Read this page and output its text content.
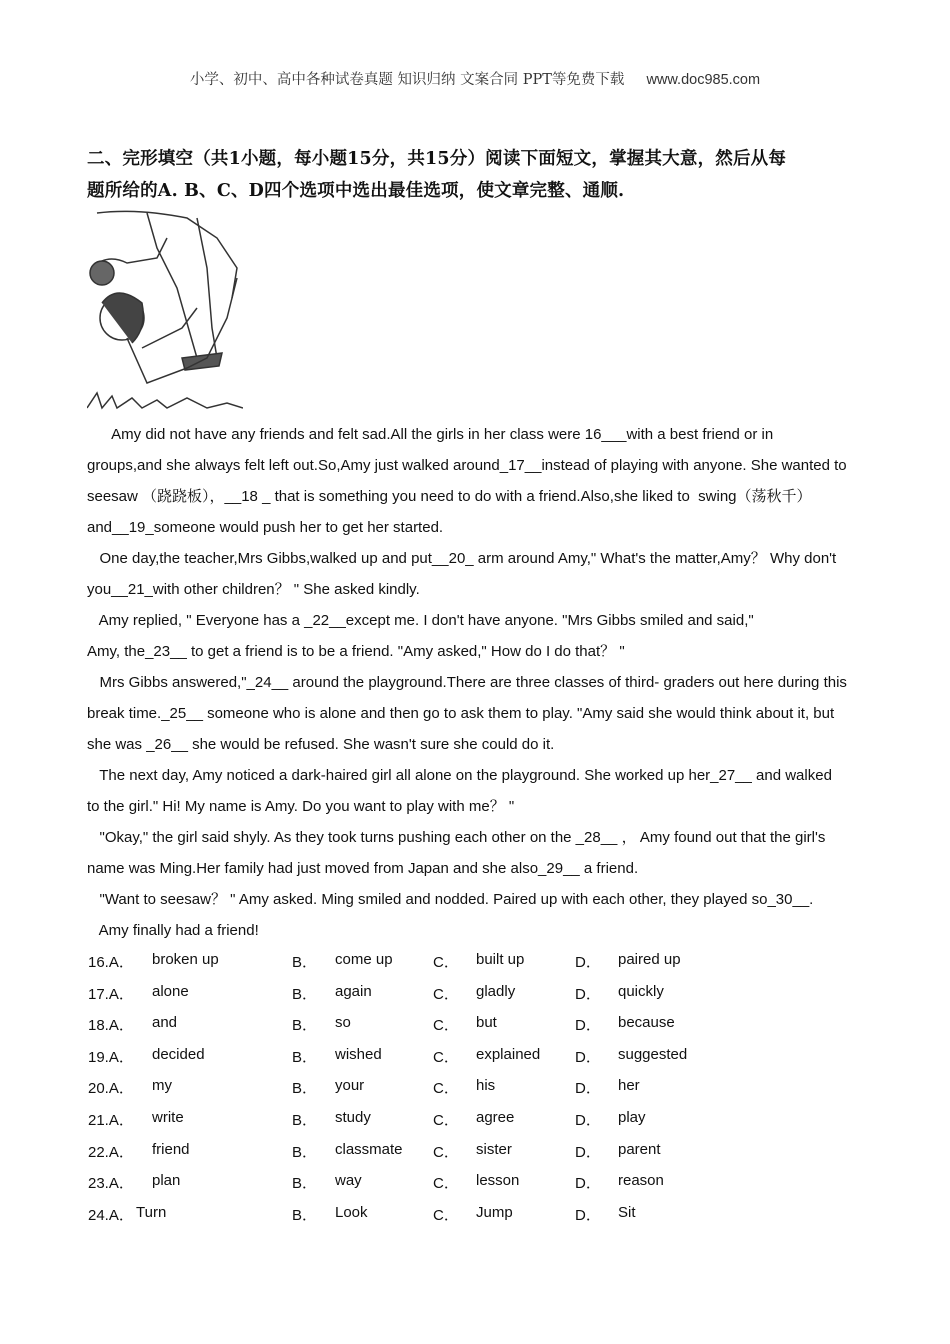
小学、初中、高中各种试卷真题 知识归纳 文案合同 PPT等免费下载 www.doc985.com
二、完形填空（共1小题，每小题15分，共15分）阅读下面短文，掌握其大意，然后从每
题所给的A. B、C、D四个选项中选出最佳选项，使文章完整、通顺.
Amy did not have any friends and felt sad.All the girls in her class were 16___with a best friend or in
groups,and she always felt left out.So,Amy just walked around_17__instead of playing with anyone. She wanted to
seesaw （跷跷板），__18 _ that is something you need to do with a friend.Also,she liked to  swing（荡秋千）
and__19_someone would push her to get her started.
One day,the teacher,Mrs Gibbs,walked up and put__20_ arm around Amy," What's the matter,Amy？ Why don't
you__21_with other children？ " She asked kindly.
Amy replied, " Everyone has a _22__except me. I don't have anyone. "Mrs Gibbs smiled and said,"
Amy, the_23__ to get a friend is to be a friend. "Amy asked," How do I do that？ "
Mrs Gibbs answered,"_24__ around the playground.There are three classes of third- graders out here during this
break time._25__ someone who is alone and then go to ask them to play. "Amy said she would think about it, but
she was _26__ she would be refused. She wasn't sure she could do it.
The next day, Amy noticed a dark-haired girl all alone on the playground. She worked up her_27__ and walked
to the girl." Hi! My name is Amy. Do you want to play with me？ "
"Okay," the girl said shyly. As they took turns pushing each other on the _28__ ， Amy found out that the girl's
name was Ming.Her family had just moved from Japan and she also_29__ a friend.
"Want to seesaw？ " Amy asked. Ming smiled and nodded. Paired up with each other, they played so_30__.
Amy finally had a friend!
16.A． broken up	B． come up	C． built up	D． paired up
17.A． alone	B． again	C． gladly	D． quickly
18.A． and	B． so	C． but	D． because
19.A． decided	B． wished	C． explained D． suggested
20.A． my	B． your	C． his	D． her
21.A． write	B． study	C． agree	D． play
22.A． friend	B． classmate C． sister	D． parent
23.A． plan	B． way	C． lesson	D． reason
24.A． Turn	B． Look	C． Jump	D． Sit
